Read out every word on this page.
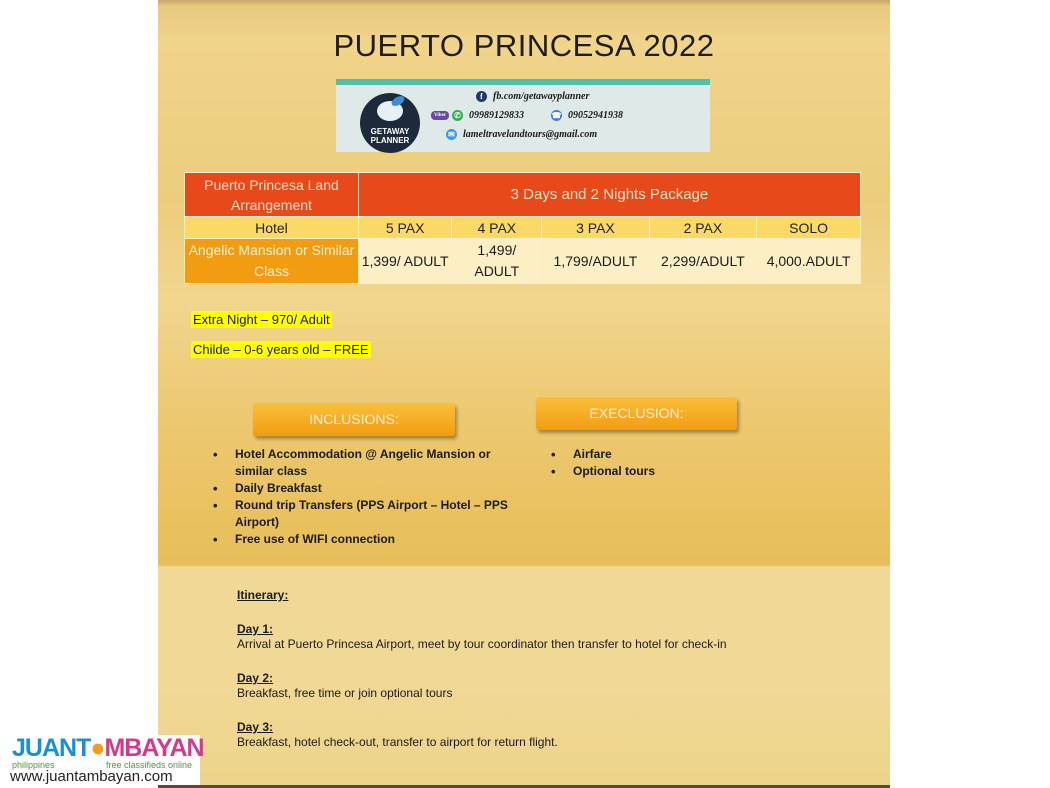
PUERTO PRINCESA 2022
GETAWAY PLANNER
f fb.com/getawayplanner
Viber ✆ 09989129833	☎ 09052941938
✉ lameltravelandtours@gmail.com
Puerto Princesa Land Arrangement	3 Days and 2 Nights Package				
Hotel	5 PAX	4 PAX	3 PAX	2 PAX	SOLO
Angelic Mansion or Similar Class	1,399/ ADULT	1,499/ ADULT	1,799/ADULT	2,299/ADULT	4,000.ADULT
Extra Night – 970/ Adult
Childe – 0-6 years old – FREE
INCLUSIONS:	EXECLUSION:
• Hotel Accommodation @ Angelic Mansion or similar class
• Daily Breakfast
• Round trip Transfers (PPS Airport – Hotel – PPS Airport)
• Free use of WIFI connection
• Airfare
• Optional tours
Itinerary:
Day 1:
Arrival at Puerto Princesa Airport, meet by tour coordinator then transfer to hotel for check-in
Day 2:
Breakfast, free time or join optional tours
Day 3:
Breakfast, hotel check-out, transfer to airport for return flight.
JUANT●MBAYAN
philippines	free classifieds online
www.juantambayan.com
